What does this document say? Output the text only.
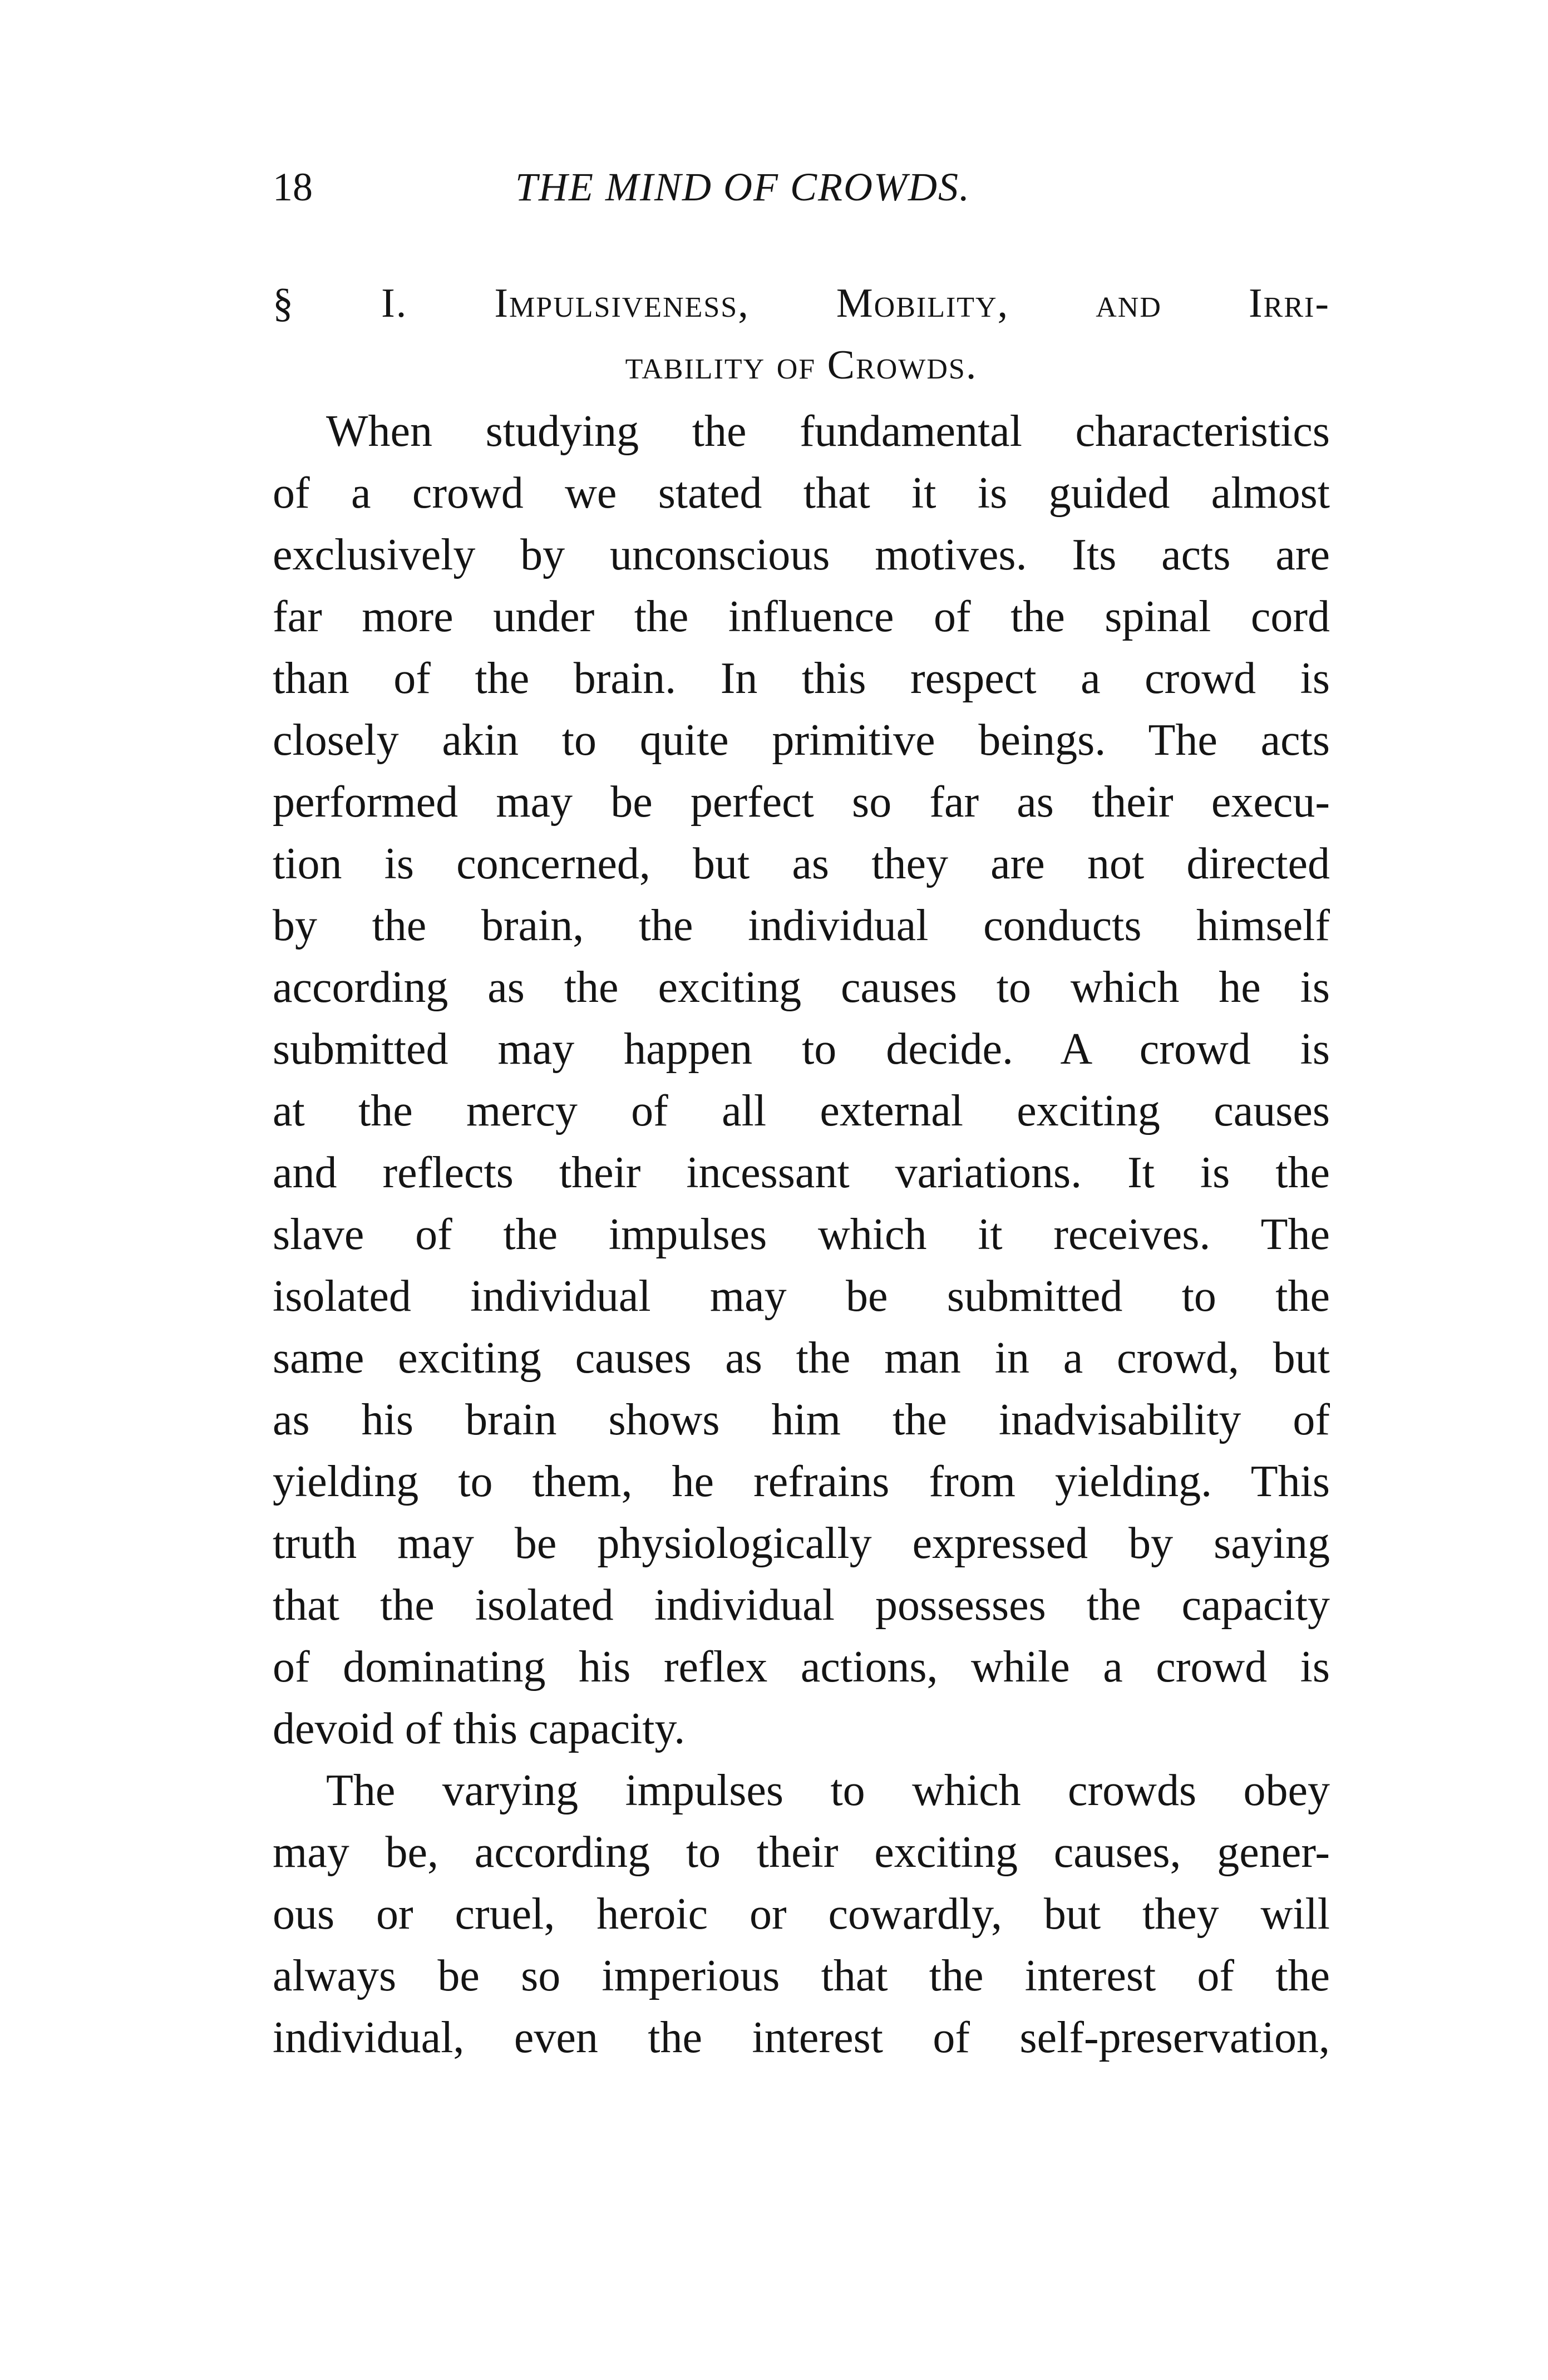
18	THE MIND OF CROWDS.
§ I. Impulsiveness, Mobility, and Irri-
tability of Crowds.
When studying the fundamental characteristics
of a crowd we stated that it is guided almost
exclusively by unconscious motives. Its acts are
far more under the influence of the spinal cord
than of the brain. In this respect a crowd is
closely akin to quite primitive beings. The acts
performed may be perfect so far as their execu-
tion is concerned, but as they are not directed
by the brain, the individual conducts himself
according as the exciting causes to which he is
submitted may happen to decide. A crowd is
at the mercy of all external exciting causes
and reflects their incessant variations. It is the
slave of the impulses which it receives. The
isolated individual may be submitted to the
same exciting causes as the man in a crowd, but
as his brain shows him the inadvisability of
yielding to them, he refrains from yielding. This
truth may be physiologically expressed by saying
that the isolated individual possesses the capacity
of dominating his reflex actions, while a crowd is
devoid of this capacity.
The varying impulses to which crowds obey
may be, according to their exciting causes, gener-
ous or cruel, heroic or cowardly, but they will
always be so imperious that the interest of the
individual, even the interest of self-preservation,
